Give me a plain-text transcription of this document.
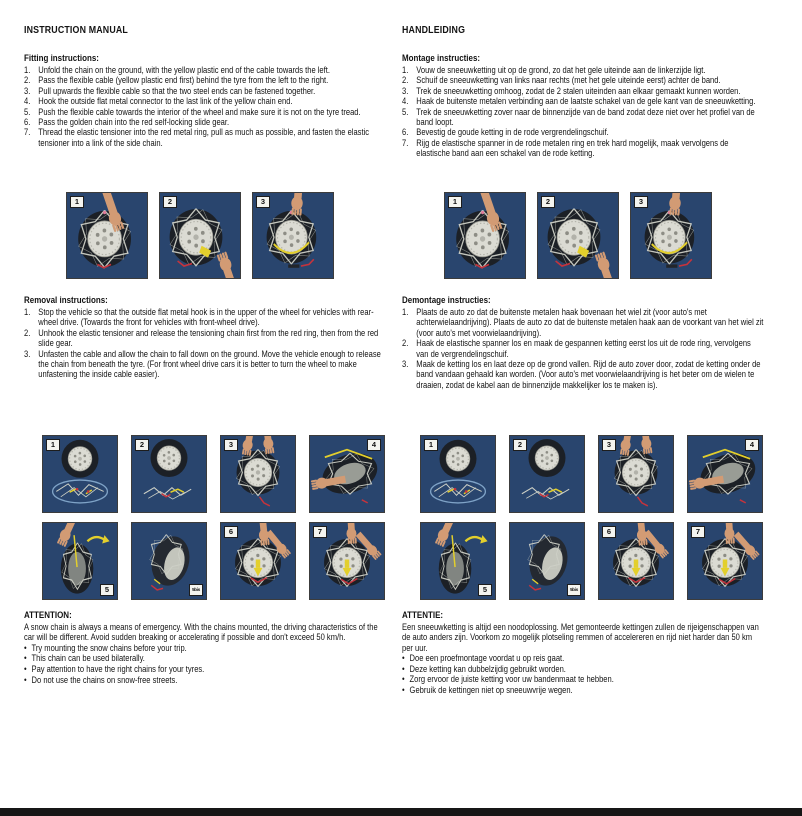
INSTRUCTION MANUAL
Fitting instructions:
1. Unfold the chain on the ground, with the yellow plastic end of the cable towards the left.
2. Pass the flexible cable (yellow plastic end first) behind the tyre from the left to the right.
3. Pull upwards the flexible cable so that the two steel ends can be fastened together.
4. Hook the outside flat metal connector to the last link of the yellow chain end.
5. Push the flexible cable towards the interior of the wheel and make sure it is not on the tyre tread.
6. Pass the golden chain into the red self-locking slide gear.
7. Thread the elastic tensioner into the red metal ring, pull as much as possible, and fasten the elastic tensioner into a link of the side chain.
1	2	3
Removal instructions:
1. Stop the vehicle so that the outside flat metal hook is in the upper of the wheel for vehicles with rear-wheel drive. (Towards the front for vehicles with front-wheel drive).
2. Unhook the elastic tensioner and release the tensioning chain first from the red ring, then from the red slide gear.
3. Unfasten the cable and allow the chain to fall down on the ground. Move the vehicle enough to release the chain from beneath the tyre. (For front wheel drive cars it is better to turn the wheel to make unfastening the inside cable easier).
1	2	3	4
5	5bis
6	7
ATTENTION:

A snow chain is always a means of emergency. With the chains mounted, the driving characteristics of the car will be different. Avoid sudden breaking or accelerating if possible and don't exceed 50 km/h.

• Try mounting the snow chains before your trip.
• This chain can be used bilaterally.
• Pay attention to have the right chains for your tyres.
• Do not use the chains on snow-free streets.
HANDLEIDING
Montage instructies:
1. Vouw de sneeuwketting uit op de grond, zo dat het gele uiteinde aan de linkerzijde ligt.
2. Schuif de sneeuwketting van links naar rechts (met het gele uiteinde eerst) achter de band.
3. Trek de sneeuwketting omhoog, zodat de 2 stalen uiteinden aan elkaar gemaakt kunnen worden.
4. Haak de buitenste metalen verbinding aan de laatste schakel van de gele kant van de sneeuwketting.
5. Trek de sneeuwketting zover naar de binnenzijde van de band zodat deze niet over het profiel van de band loopt.
6. Bevestig de goude ketting in de rode vergrendelingschuif.
7. Rijg de elastische spanner in de rode metalen ring en trek hard mogelijk, maak vervolgens de elastische band aan een schakel van de rode ketting.
1	2	3
Demontage instructies:
1. Plaats de auto zo dat de buitenste metalen haak bovenaan het wiel zit (voor auto's met achterwielaandrijving). Plaats de auto zo dat de buitenste metalen haak aan de voorkant van het wiel zit (voor auto's met voorwielaandrijving).
2. Haak de elastische spanner los en maak de gespannen ketting eerst los uit de rode ring, vervolgens van de vergrendelingschuif.
3. Maak de ketting los en laat deze op de grond vallen. Rijd de auto zover door, zodat de ketting onder de band vandaan gehaald kan worden. (Voor auto's met voorwielaandrijving is het beter om de wielen te draaien, zodat de kabel aan de binnenzijde makkelijker los te maken is).
1	2	3	4
5	5bis
6	7
ATTENTIE:

Een sneeuwketting is altijd een noodoplossing. Met gemonteerde kettingen zullen de rijeigenschappen van de auto anders zijn. Voorkom zo mogelijk plotseling remmen of accelereren en rijd niet harder dan 50 km per uur.

• Doe een proefmontage voordat u op reis gaat.
• Deze ketting kan dubbelzijdig gebruikt worden.
• Zorg ervoor de juiste ketting voor uw bandenmaat te hebben.
• Gebruik de kettingen niet op sneeuwvrije wegen.
